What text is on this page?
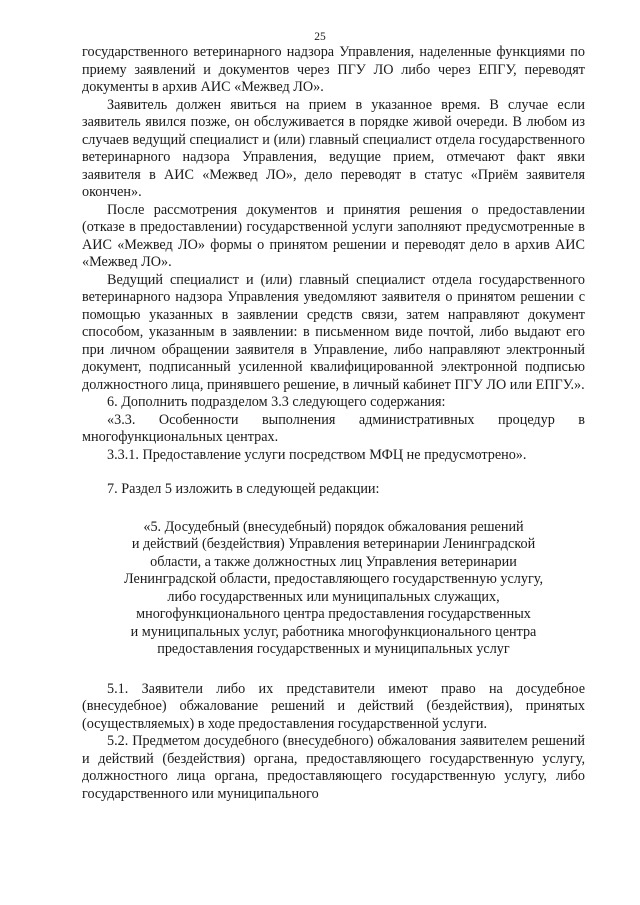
25

государственного ветеринарного надзора Управления, наделенные функциями по приему заявлений и документов через ПГУ ЛО либо через ЕПГУ, переводят документы в архив АИС «Межвед ЛО».

Заявитель должен явиться на прием в указанное время. В случае если заявитель явился позже, он обслуживается в порядке живой очереди. В любом из случаев ведущий специалист и (или) главный специалист отдела государственного ветеринарного надзора Управления, ведущие прием, отмечают факт явки заявителя в АИС «Межвед ЛО», дело переводят в статус «Приём заявителя окончен».

После рассмотрения документов и принятия решения о предоставлении (отказе в предоставлении) государственной услуги заполняют предусмотренные в АИС «Межвед ЛО» формы о принятом решении и переводят дело в архив АИС «Межвед ЛО».

Ведущий специалист и (или) главный специалист отдела государственного ветеринарного надзора Управления уведомляют заявителя о принятом решении с помощью указанных в заявлении средств связи, затем направляют документ способом, указанным в заявлении: в письменном виде почтой, либо выдают его при личном обращении заявителя в Управление, либо направляют электронный документ, подписанный усиленной квалифицированной электронной подписью должностного лица, принявшего решение, в личный кабинет ПГУ ЛО или ЕПГУ.».

6. Дополнить подразделом 3.3 следующего содержания:

«3.3. Особенности выполнения административных процедур в многофункциональных центрах.

3.3.1. Предоставление услуги посредством МФЦ не предусмотрено».

7. Раздел 5 изложить в следующей редакции:

«5. Досудебный (внесудебный) порядок обжалования решений
и действий (бездействия) Управления ветеринарии Ленинградской
области, а также должностных лиц Управления ветеринарии
Ленинградской области, предоставляющего государственную услугу,
либо государственных или муниципальных служащих,
многофункционального центра предоставления государственных
и муниципальных услуг, работника многофункционального центра
предоставления государственных и муниципальных услуг

5.1. Заявители либо их представители имеют право на досудебное (внесудебное) обжалование решений и действий (бездействия), принятых (осуществляемых) в ходе предоставления государственной услуги.

5.2. Предметом досудебного (внесудебного) обжалования заявителем решений и действий (бездействия) органа, предоставляющего государственную услугу, должностного лица органа, предоставляющего государственную услугу, либо государственного или муниципального
